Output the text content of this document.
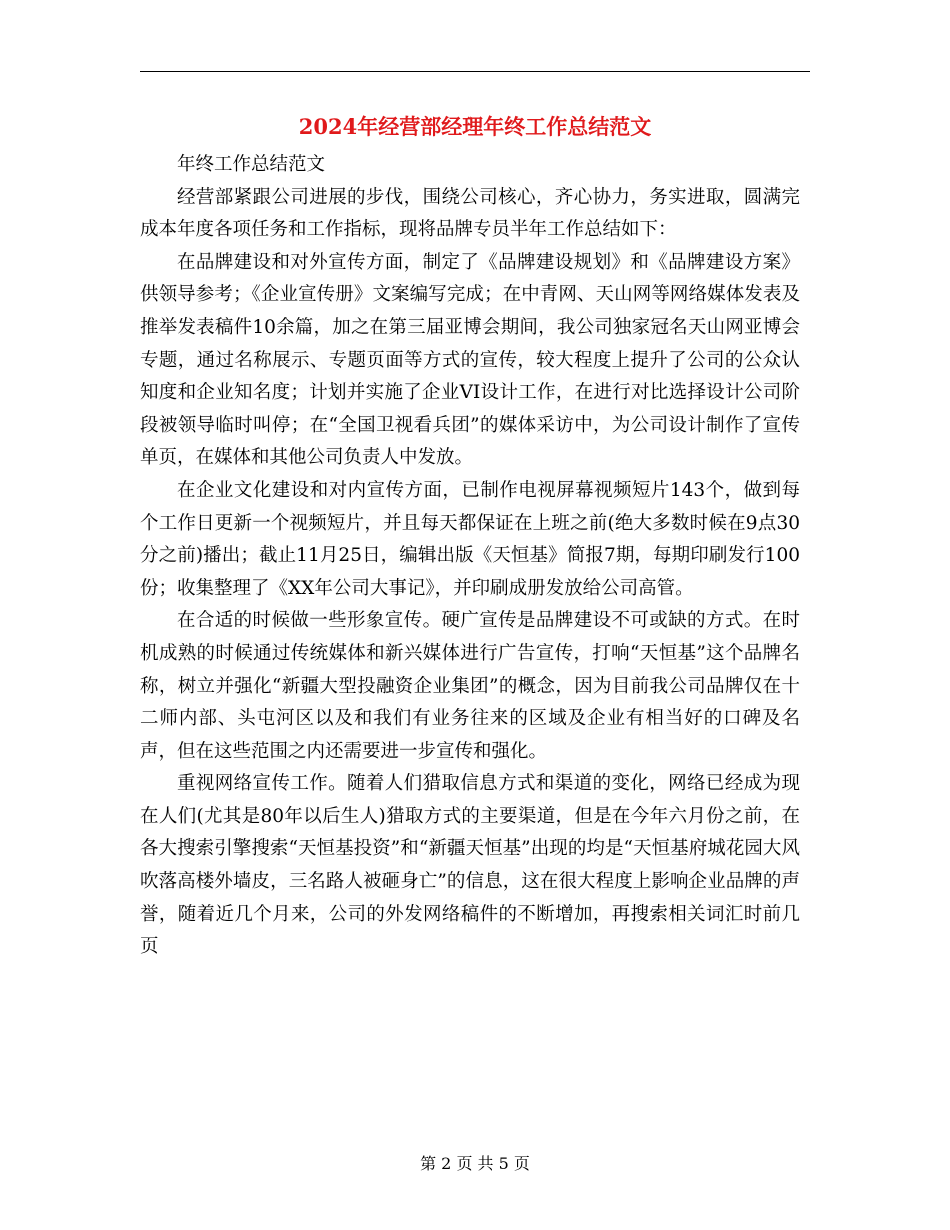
2024年经营部经理年终工作总结范文

年终工作总结范文

经营部紧跟公司进展的步伐，围绕公司核心，齐心协力，务实进取，圆满完成本年度各项任务和工作指标，现将品牌专员半年工作总结如下：

在品牌建设和对外宣传方面，制定了《品牌建设规划》和《品牌建设方案》供领导参考；《企业宣传册》文案编写完成；在中青网、天山网等网络媒体发表及推举发表稿件10余篇，加之在第三届亚博会期间，我公司独家冠名天山网亚博会专题，通过名称展示、专题页面等方式的宣传，较大程度上提升了公司的公众认知度和企业知名度；计划并实施了企业VI设计工作，在进行对比选择设计公司阶段被领导临时叫停；在“全国卫视看兵团”的媒体采访中，为公司设计制作了宣传单页，在媒体和其他公司负责人中发放。

在企业文化建设和对内宣传方面，已制作电视屏幕视频短片143个，做到每个工作日更新一个视频短片，并且每天都保证在上班之前(绝大多数时候在9点30分之前)播出；截止11月25日，编辑出版《天恒基》简报7期，每期印刷发行100份；收集整理了《XX年公司大事记》，并印刷成册发放给公司高管。

在合适的时候做一些形象宣传。硬广宣传是品牌建设不可或缺的方式。在时机成熟的时候通过传统媒体和新兴媒体进行广告宣传，打响“天恒基”这个品牌名称，树立并强化“新疆大型投融资企业集团”的概念，因为目前我公司品牌仅在十二师内部、头屯河区以及和我们有业务往来的区域及企业有相当好的口碑及名声，但在这些范围之内还需要进一步宣传和强化。

重视网络宣传工作。随着人们猎取信息方式和渠道的变化，网络已经成为现在人们(尤其是80年以后生人)猎取方式的主要渠道，但是在今年六月份之前，在各大搜索引擎搜索“天恒基投资”和“新疆天恒基”出现的均是“天恒基府城花园大风吹落高楼外墙皮，三名路人被砸身亡”的信息，这在很大程度上影响企业品牌的声誉，随着近几个月来，公司的外发网络稿件的不断增加，再搜索相关词汇时前几页

第 2 页 共 5 页
